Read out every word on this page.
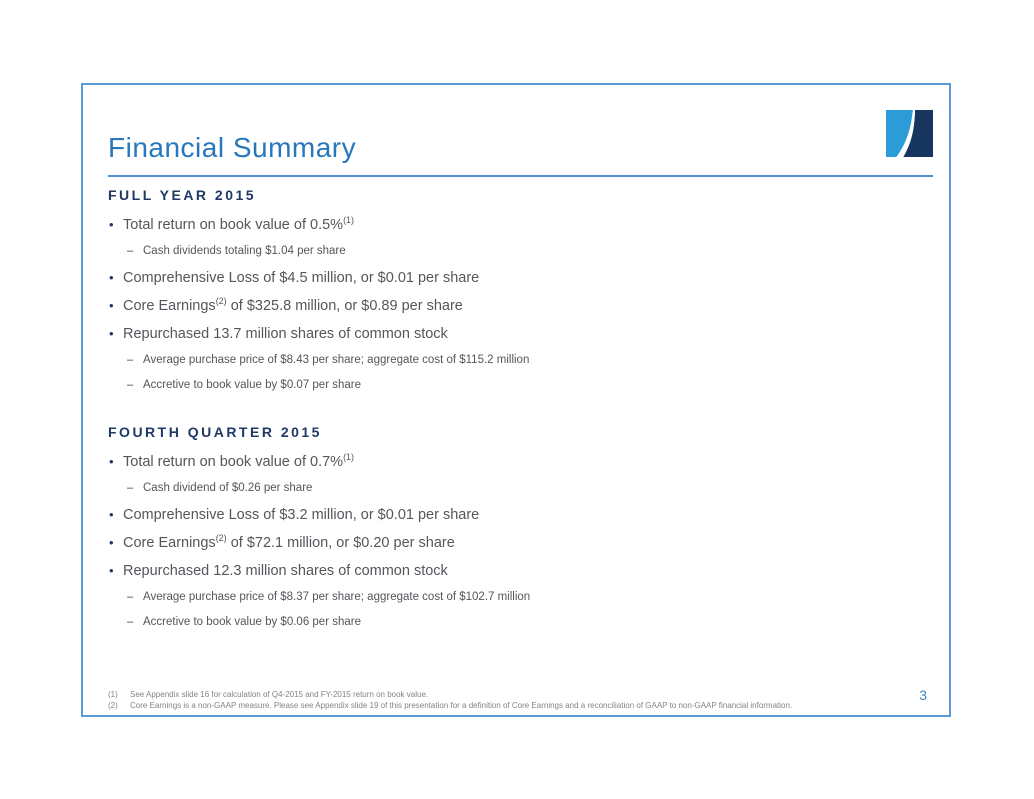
Financial Summary
FULL YEAR 2015
• Total return on book value of 0.5%$^{(1)}$
– Cash dividends totaling $1.04 per share
• Comprehensive Loss of $4.5 million, or $0.01 per share
• Core Earnings$^{(2)}$ of $325.8 million, or $0.89 per share
• Repurchased 13.7 million shares of common stock
– Average purchase price of $8.43 per share; aggregate cost of $115.2 million
– Accretive to book value by $0.07 per share
FOURTH QUARTER 2015
• Total return on book value of 0.7%$^{(1)}$
– Cash dividend of $0.26 per share
• Comprehensive Loss of $3.2 million, or $0.01 per share
• Core Earnings$^{(2)}$ of $72.1 million, or $0.20 per share
• Repurchased 12.3 million shares of common stock
– Average purchase price of $8.37 per share; aggregate cost of $102.7 million
– Accretive to book value by $0.06 per share
(1)	See Appendix slide 16 for calculation of Q4-2015 and FY-2015 return on book value.
(2)	Core Earnings is a non-GAAP measure. Please see Appendix slide 19 of this presentation for a definition of Core Earnings and a reconciliation of GAAP to non-GAAP financial information.
3
